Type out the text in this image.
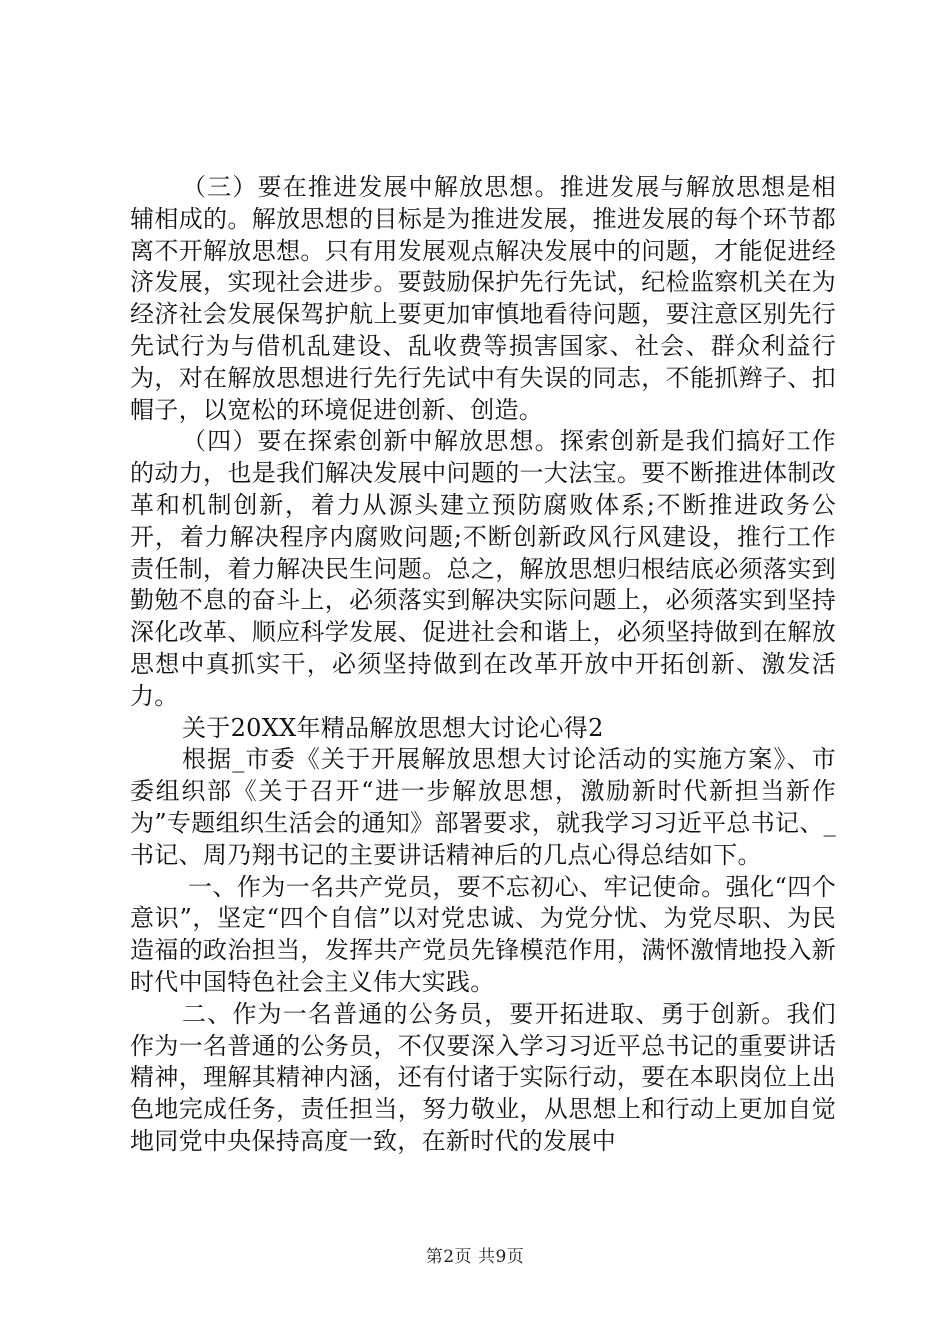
（三）要在推进发展中解放思想。推进发展与解放思想是相辅相成的。解放思想的目标是为推进发展，推进发展的每个环节都离不开解放思想。只有用发展观点解决发展中的问题，才能促进经济发展，实现社会进步。要鼓励保护先行先试，纪检监察机关在为经济社会发展保驾护航上要更加审慎地看待问题，要注意区别先行先试行为与借机乱建设、乱收费等损害国家、社会、群众利益行为，对在解放思想进行先行先试中有失误的同志，不能抓辫子、扣帽子，以宽松的环境促进创新、创造。

（四）要在探索创新中解放思想。探索创新是我们搞好工作的动力，也是我们解决发展中问题的一大法宝。要不断推进体制改革和机制创新，着力从源头建立预防腐败体系;不断推进政务公开，着力解决程序内腐败问题;不断创新政风行风建设，推行工作责任制，着力解决民生问题。总之，解放思想归根结底必须落实到勤勉不息的奋斗上，必须落实到解决实际问题上，必须落实到坚持深化改革、顺应科学发展、促进社会和谐上，必须坚持做到在解放思想中真抓实干，必须坚持做到在改革开放中开拓创新、激发活力。

关于20XX年精品解放思想大讨论心得2

根据_市委《关于开展解放思想大讨论活动的实施方案》、市委组织部《关于召开“进一步解放思想，激励新时代新担当新作为”专题组织生活会的通知》部署要求，就我学习习近平总书记、_书记、周乃翔书记的主要讲话精神后的几点心得总结如下。

一、作为一名共产党员，要不忘初心、牢记使命。强化“四个意识”，坚定“四个自信”以对党忠诚、为党分忧、为党尽职、为民造福的政治担当，发挥共产党员先锋模范作用，满怀激情地投入新时代中国特色社会主义伟大实践。

二、作为一名普通的公务员，要开拓进取、勇于创新。我们作为一名普通的公务员，不仅要深入学习习近平总书记的重要讲话精神，理解其精神内涵，还有付诸于实际行动，要在本职岗位上出色地完成任务，责任担当，努力敬业，从思想上和行动上更加自觉地同党中央保持高度一致，在新时代的发展中

第2页 共9页
